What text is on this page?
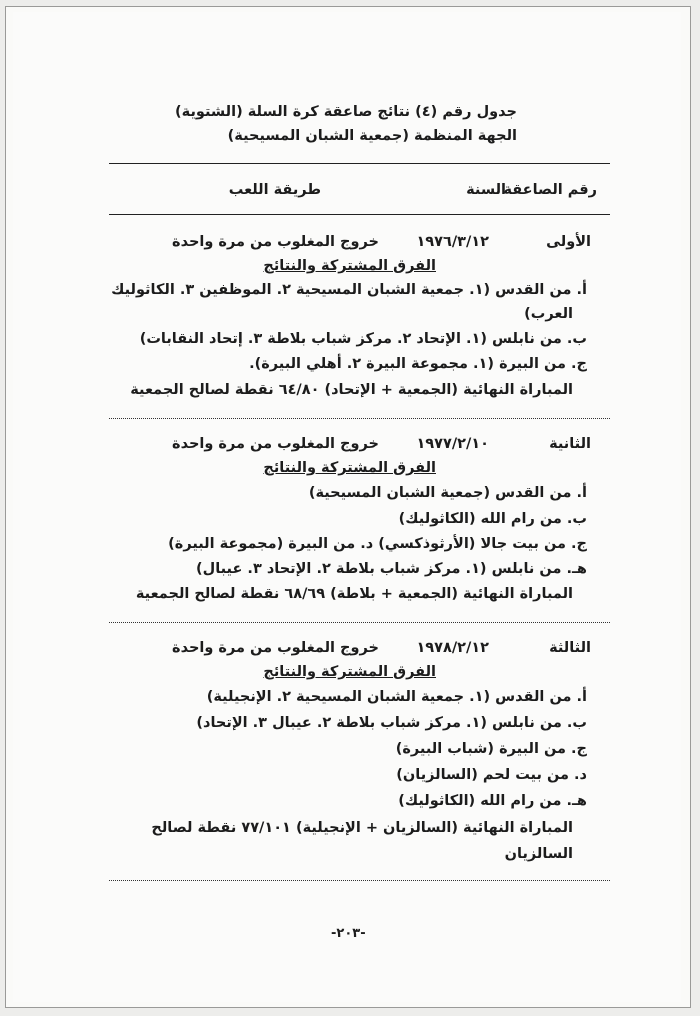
جدول رقم (٤) نتائج صاعقة كرة السلة (الشتوية)
الجهة المنظمة (جمعية الشبان المسيحية)
رقم الصاعقة
السنة
طريقة اللعب
الأولى
١٩٧٦/٣/١٢
خروج المغلوب من مرة واحدة
الفرق المشتركة والنتائج
أ. من القدس (١. جمعية الشبان المسيحية ٢. الموظفين ٣. الكاثوليك
العرب)
ب. من نابلس (١. الإتحاد ٢. مركز شباب بلاطة ٣. إتحاد النقابات)
ج. من البيرة (١. مجموعة البيرة ٢. أهلي البيرة).
المباراة النهائية (الجمعية + الإتحاد) ٦٤/٨٠ نقطة لصالح الجمعية
الثانية
١٩٧٧/٢/١٠
خروج المغلوب من مرة واحدة
الفرق المشتركة والنتائج
أ. من القدس (جمعية الشبان المسيحية)
ب. من رام الله (الكاثوليك)
ج. من بيت جالا (الأرثوذكسي) د. من البيرة (مجموعة البيرة)
هـ. من نابلس (١. مركز شباب بلاطة ٢. الإتحاد ٣. عيبال)
المباراة النهائية (الجمعية + بلاطة) ٦٨/٦٩ نقطة لصالح الجمعية
الثالثة
١٩٧٨/٢/١٢
خروج المغلوب من مرة واحدة
الفرق المشتركة والنتائج
أ. من القدس (١. جمعية الشبان المسيحية ٢. الإنجيلية)
ب. من نابلس (١. مركز شباب بلاطة ٢. عيبال ٣. الإتحاد)
ج. من البيرة (شباب البيرة)
د. من بيت لحم (السالزيان)
هـ. من رام الله (الكاثوليك)
المباراة النهائية (السالزيان + الإنجيلية) ٧٧/١٠١ نقطة لصالح
السالزيان
-٢٠٣-
